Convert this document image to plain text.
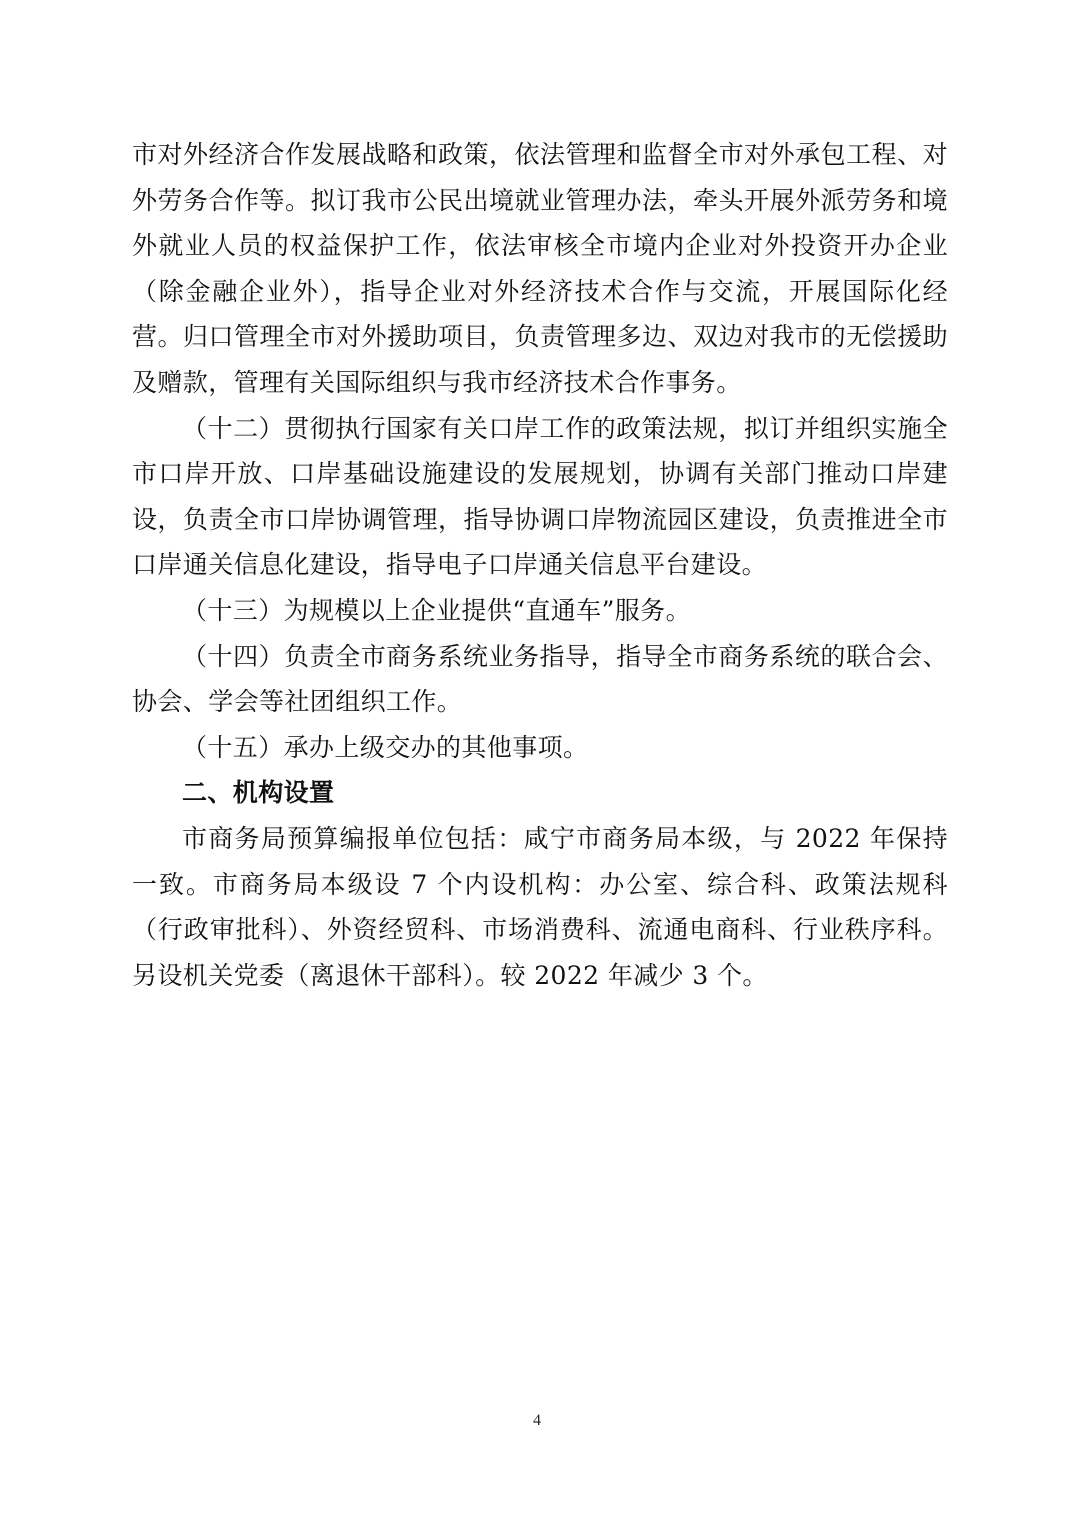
市对外经济合作发展战略和政策，依法管理和监督全市对外承包工程、对外劳务合作等。拟订我市公民出境就业管理办法，牵头开展外派劳务和境外就业人员的权益保护工作，依法审核全市境内企业对外投资开办企业（除金融企业外），指导企业对外经济技术合作与交流，开展国际化经营。归口管理全市对外援助项目，负责管理多边、双边对我市的无偿援助及赠款，管理有关国际组织与我市经济技术合作事务。

（十二）贯彻执行国家有关口岸工作的政策法规，拟订并组织实施全市口岸开放、口岸基础设施建设的发展规划，协调有关部门推动口岸建设，负责全市口岸协调管理，指导协调口岸物流园区建设，负责推进全市口岸通关信息化建设，指导电子口岸通关信息平台建设。

（十三）为规模以上企业提供“直通车”服务。

（十四）负责全市商务系统业务指导，指导全市商务系统的联合会、协会、学会等社团组织工作。

（十五）承办上级交办的其他事项。

二、机构设置

市商务局预算编报单位包括：咸宁市商务局本级，与 2022 年保持一致。市商务局本级设 7 个内设机构：办公室、综合科、政策法规科（行政审批科）、外资经贸科、市场消费科、流通电商科、行业秩序科。另设机关党委（离退休干部科）。较 2022 年减少 3 个。

4
